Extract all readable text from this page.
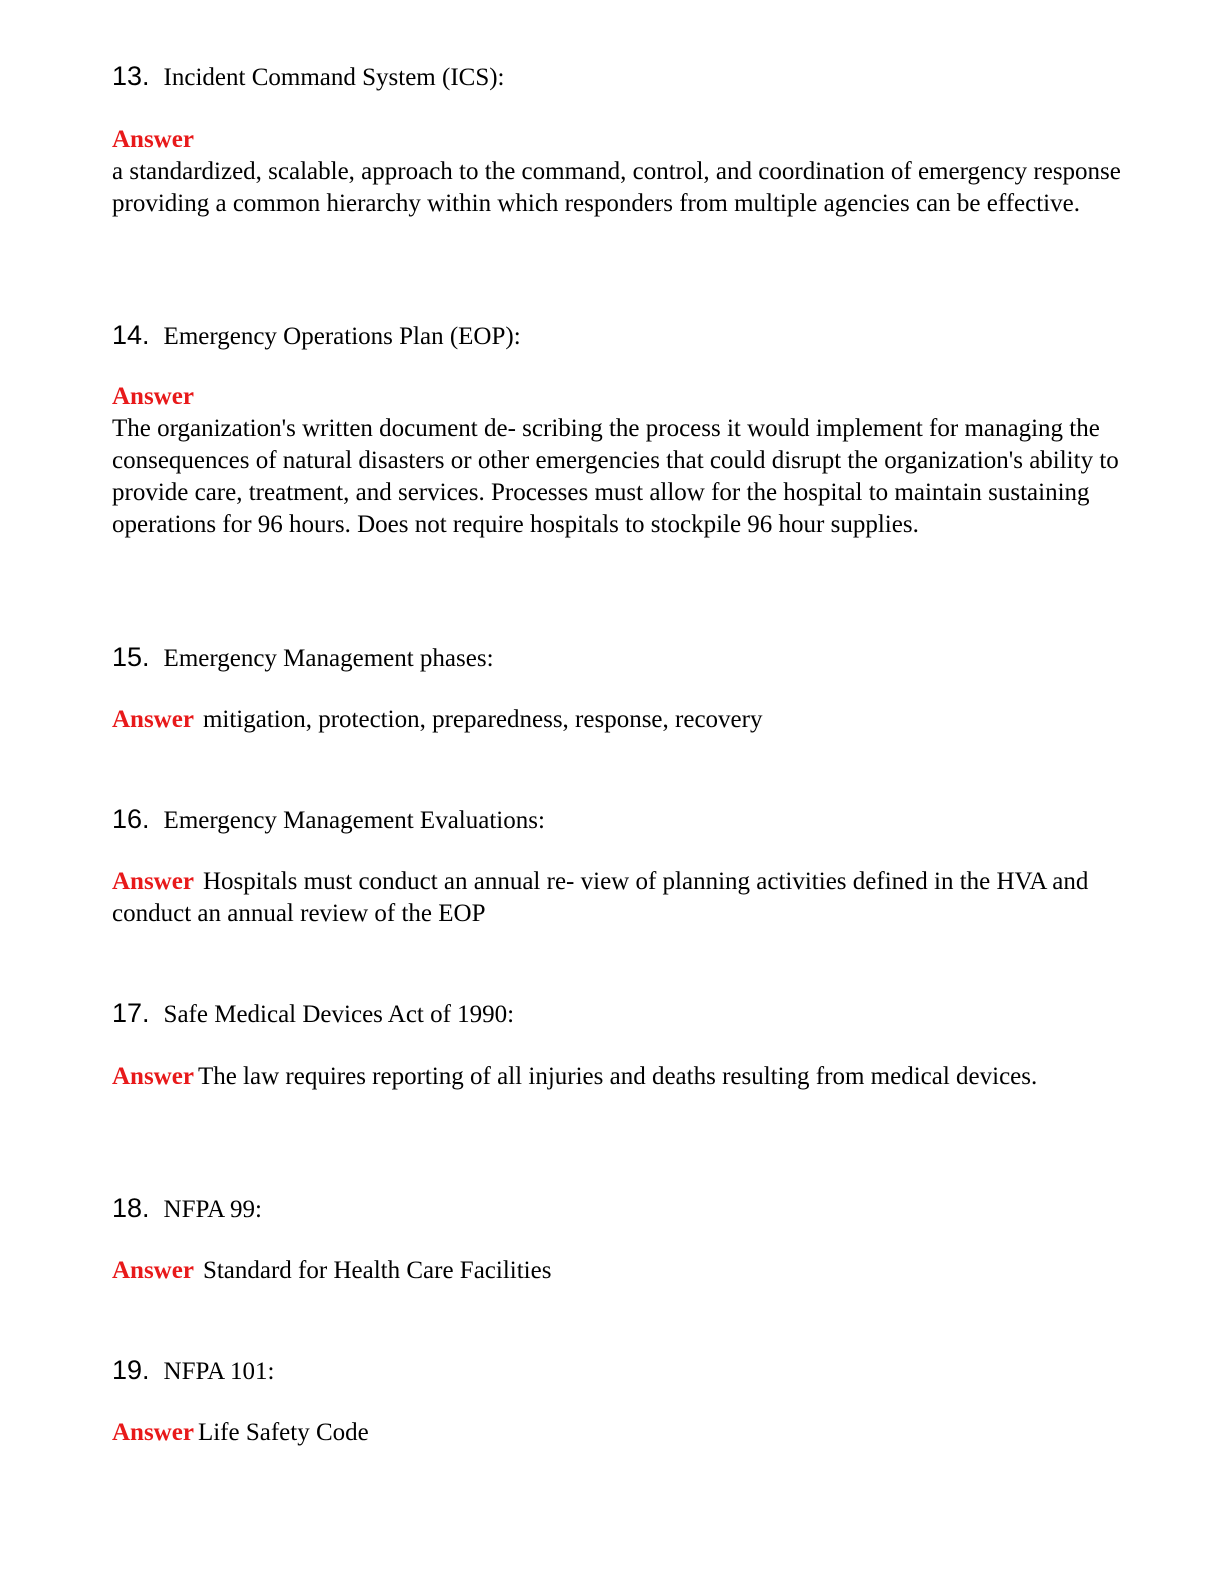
13. Incident Command System (ICS):
Answer
a standardized, scalable, approach to the command, control, and coordination of emergency response providing a common hierarchy within which responders from multiple agencies can be effective.
14. Emergency Operations Plan (EOP):
Answer
The organization's written document de- scribing the process it would implement for managing the consequences of natural disasters or other emergencies that could disrupt the organization's ability to provide care, treatment, and services. Processes must allow for the hospital to maintain sustaining operations for 96 hours. Does not require hospitals to stockpile 96 hour supplies.
15. Emergency Management phases:
Answer mitigation, protection, preparedness, response, recovery
16. Emergency Management Evaluations:
Answer Hospitals must conduct an annual re- view of planning activities defined in the HVA and conduct an annual review of the EOP
17. Safe Medical Devices Act of 1990:
Answer The law requires reporting of all injuries and deaths resulting from medical devices.
18. NFPA 99:
Answer Standard for Health Care Facilities
19. NFPA 101:
Answer Life Safety Code
